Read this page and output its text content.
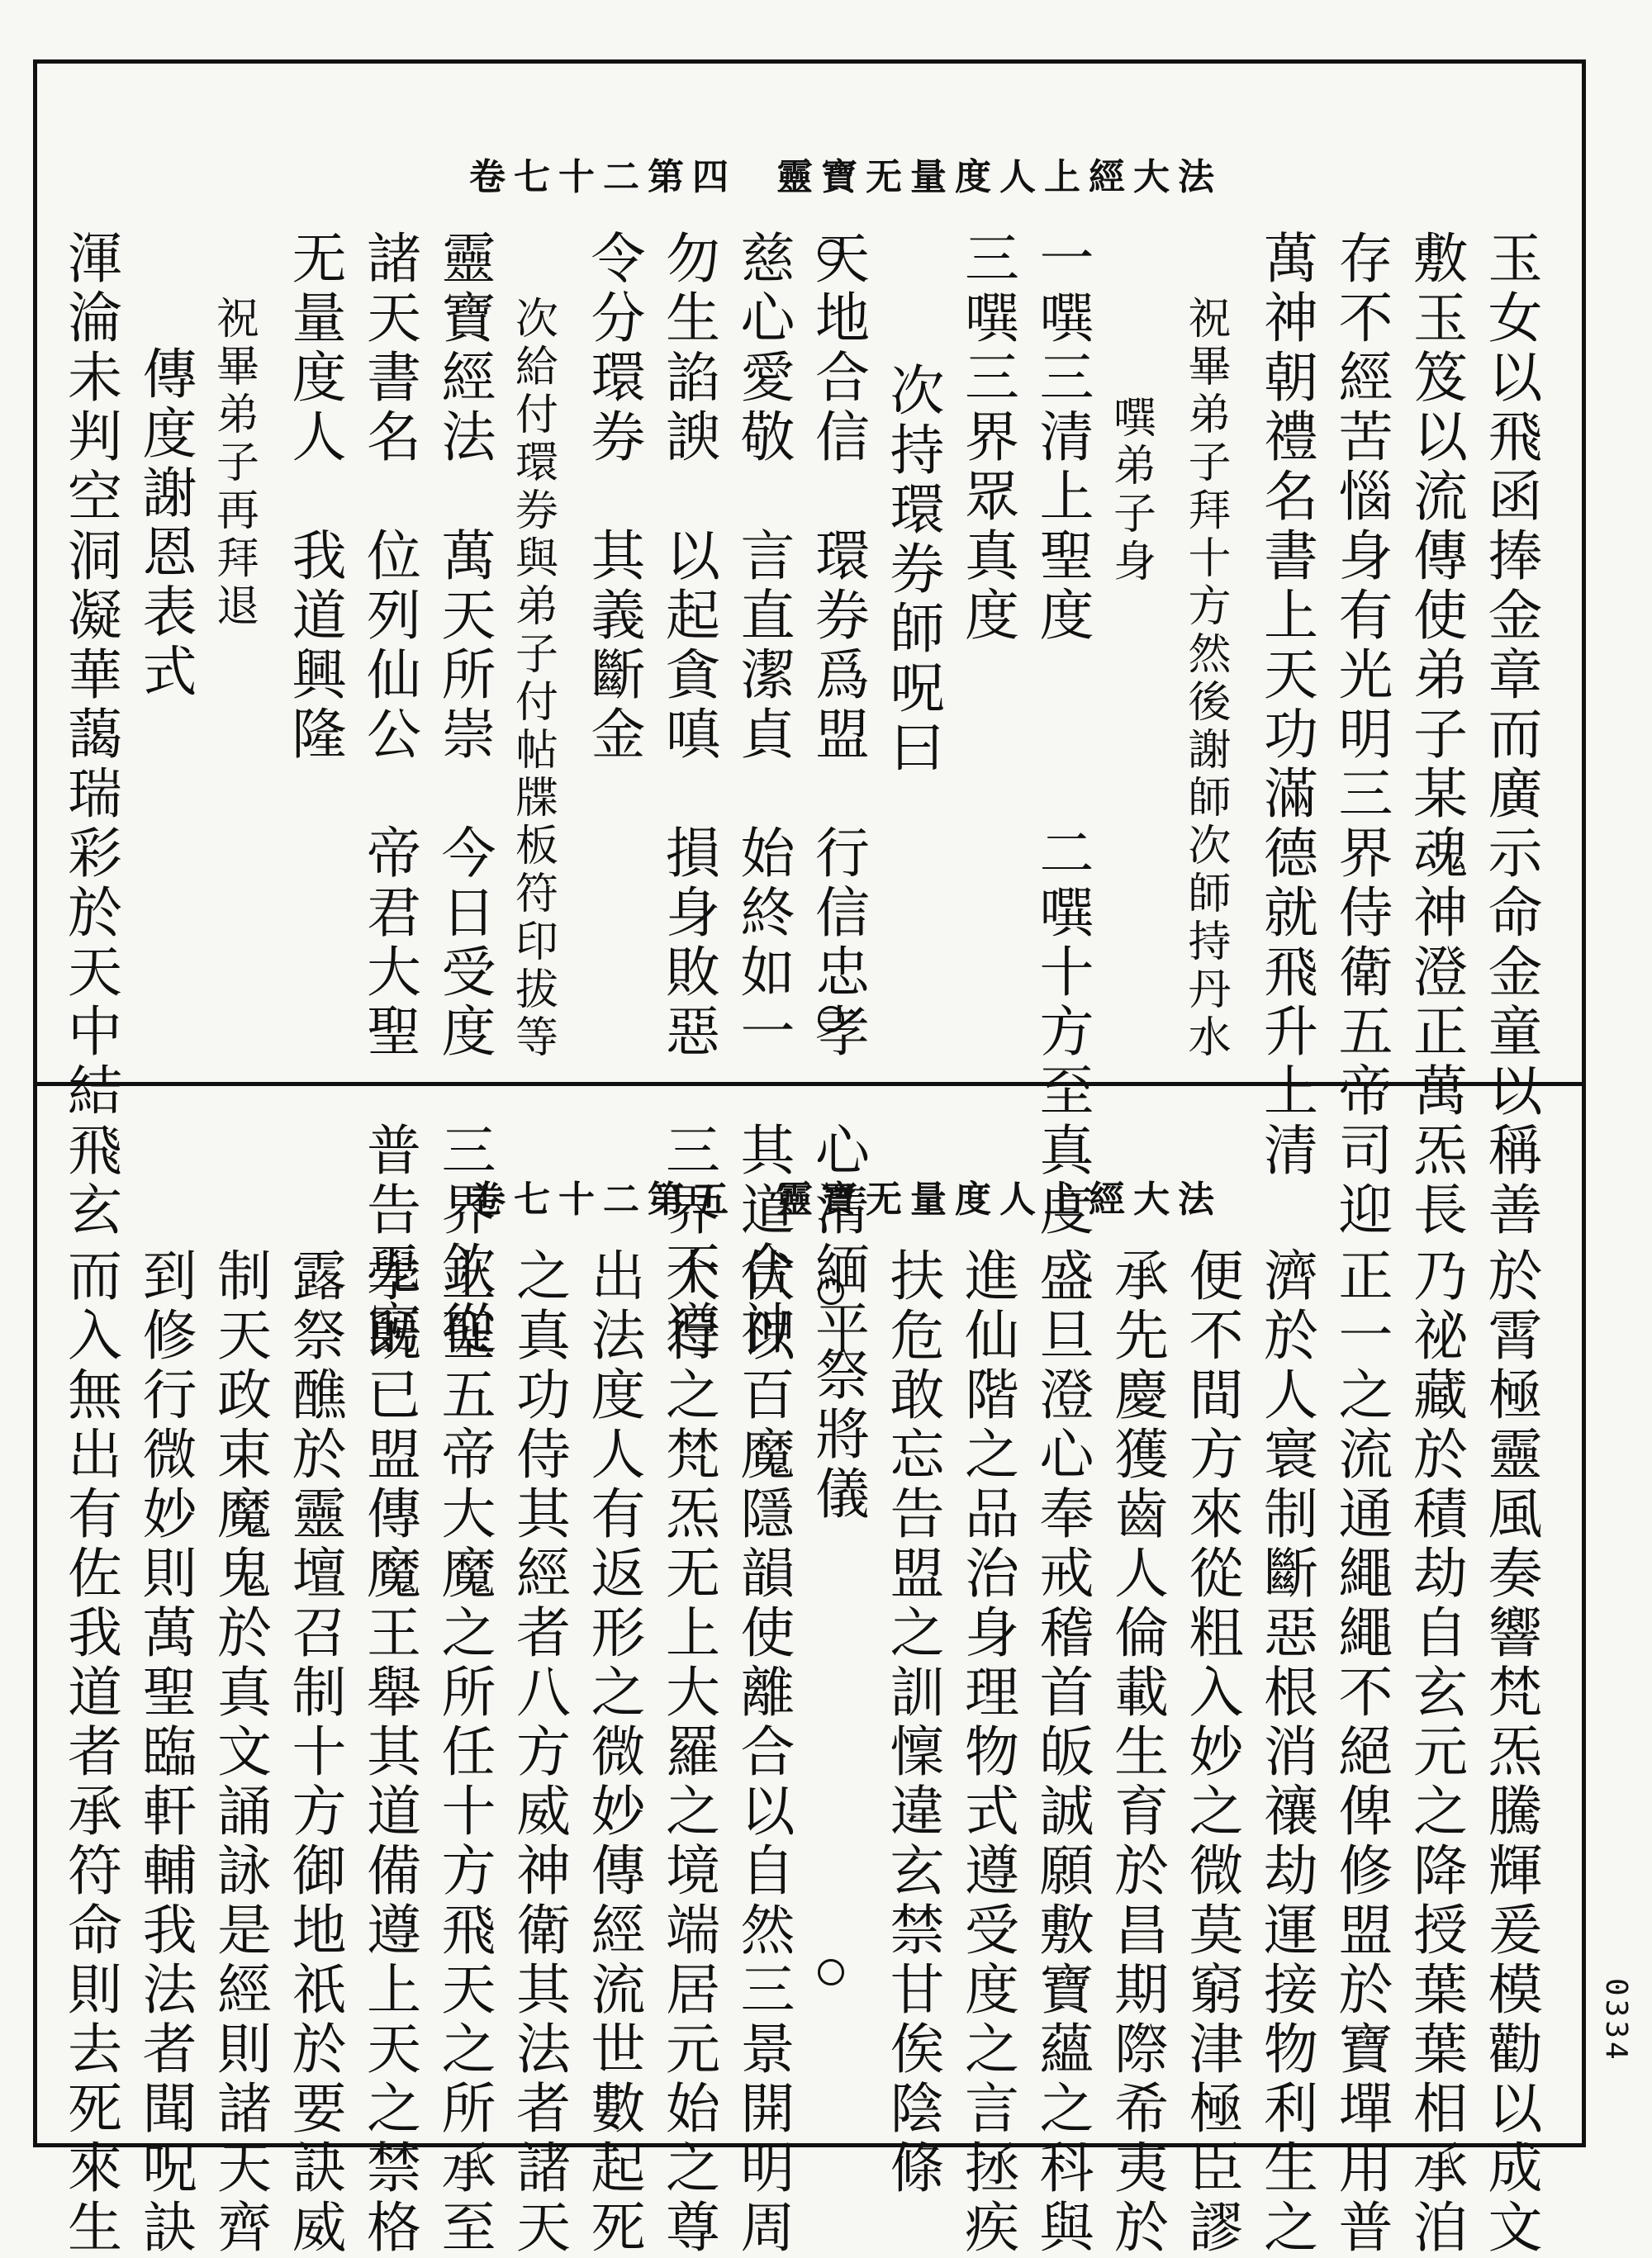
卷七十二第四 靈寶无量度人上經大法
玉女以飛函捧金章而廣示命金童以稱善
敷玉笈以流傳使弟子某魂神澄正萬炁長
存不經苦惱身有光明三界侍衛五帝司迎
萬神朝禮名書上天功滿德就飛升上清
祝畢弟子拜十方然後謝師次師持丹水
噀弟子身
一噀三清上聖度　　　二噀十方至真度
三噀三界眾真度
次持環券師呪曰
天地合信　環券爲盟　行信忠孝　心清緬平
慈心愛敬　言直潔貞　始終如一　其道合神
勿生諂諛　以起貪嗔　損身敗惡　三界不遵
令分環券　其義斷金
次給付環券與弟子付帖牒板符印拔等
靈寶經法　萬天所崇　今日受度　三界欽從
諸天書名　位列仙公　帝君大聖　普告无窮
无量度人　我道興隆
祝畢弟子再拜退
傳度謝恩表式
渾淪未判空洞凝華藹瑞彩於天中結飛玄	卷七十二第五 靈寶无量度人上經大法
於霄極靈風奏響梵炁騰輝爰模勸以成文
乃祕藏於積劫自玄元之降授葉葉相承洎
正一之流通繩繩不絕俾修盟於寶墠用普
濟於人寰制斷惡根消禳劫運接物利生之
便不間方來從粗入妙之微莫窮津極臣謬
承先慶獲齒人倫載生育於昌期際希夷於
盛旦澄心奉戒稽首皈誠願敷寶蘊之科與
進仙階之品治身理物式遵受度之言拯疾
扶危敢忘告盟之訓懍違玄禁甘俟陰條
祭將儀
伏以百魔隱韻使離合以自然三景開明周
大行之梵炁无上大羅之境端居元始之尊
出法度人有返形之微妙傳經流世數起死
之真功侍其經者八方威神衛其法者諸天
上聖五帝大魔之所任十方飛天之所承至
學既已盟傳魔王舉其道備遵上天之禁格
露祭醮於靈壇召制十方御地祇於要訣威
制天政束魔鬼於真文誦詠是經則諸天齊
到修行微妙則萬聖臨軒輔我法者聞呪訣
而入無出有佐我道者承符命則去死來生	0334
